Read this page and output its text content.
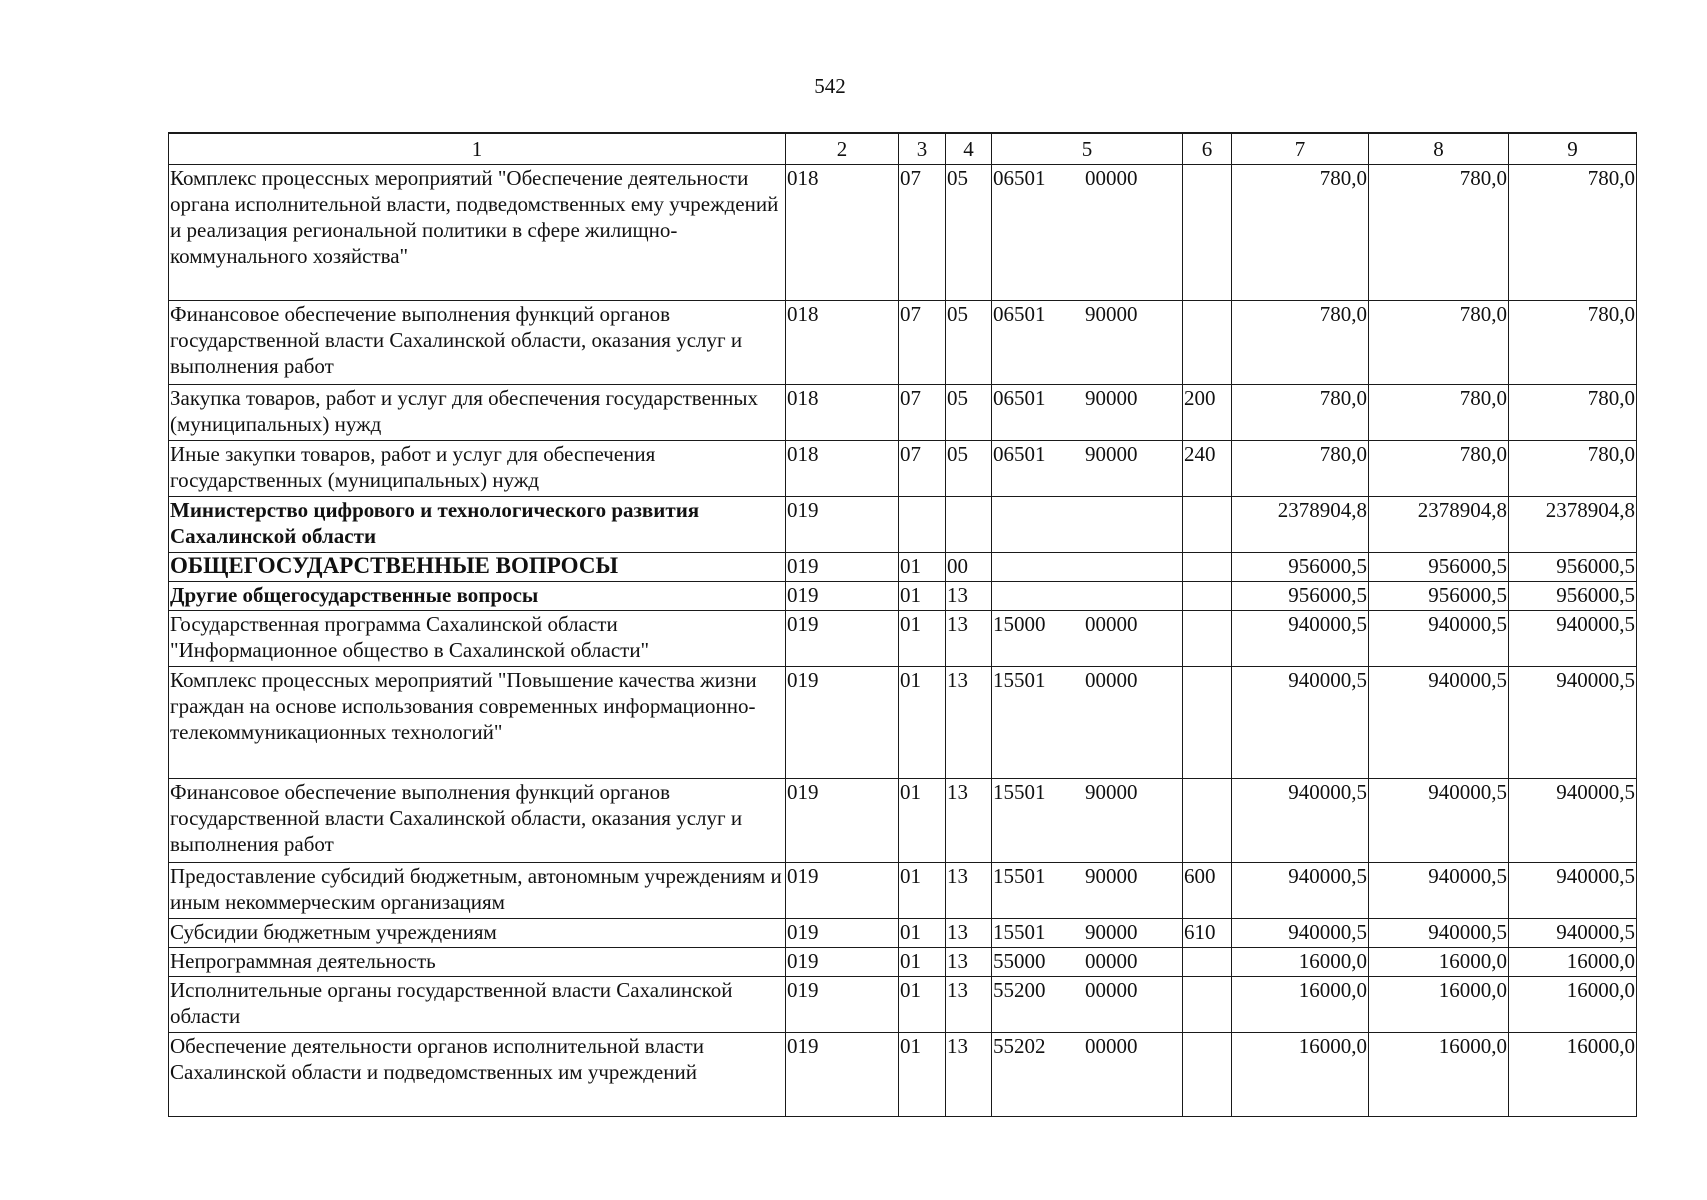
542
1	2	3	4	5	6	7	8	9
Комплекс процессных мероприятий "Обеспечение деятельности органа исполнительной власти, подведомственных ему учреждений и реализация региональной политики в сфере жилищно-коммунального хозяйства"	018	07	05	06501 00000		780,0	780,0	780,0
Финансовое обеспечение выполнения функций органов государственной власти Сахалинской области, оказания услуг и выполнения работ	018	07	05	06501 90000		780,0	780,0	780,0
Закупка товаров, работ и услуг для обеспечения государственных (муниципальных) нужд	018	07	05	06501 90000	200	780,0	780,0	780,0
Иные закупки товаров, работ и услуг для обеспечения государственных (муниципальных) нужд	018	07	05	06501 90000	240	780,0	780,0	780,0
Министерство цифрового и технологического развития Сахалинской области	019					2378904,8	2378904,8	2378904,8
ОБЩЕГОСУДАРСТВЕННЫЕ ВОПРОСЫ	019	01	00			956000,5	956000,5	956000,5
Другие общегосударственные вопросы	019	01	13			956000,5	956000,5	956000,5
Государственная программа Сахалинской области "Информационное общество в Сахалинской области"	019	01	13	15000 00000		940000,5	940000,5	940000,5
Комплекс процессных мероприятий "Повышение качества жизни граждан на основе использования современных информационно-телекоммуникационных технологий"	019	01	13	15501 00000		940000,5	940000,5	940000,5
Финансовое обеспечение выполнения функций органов государственной власти Сахалинской области, оказания услуг и выполнения работ	019	01	13	15501 90000		940000,5	940000,5	940000,5
Предоставление субсидий бюджетным, автономным учреждениям и иным некоммерческим организациям	019	01	13	15501 90000	600	940000,5	940000,5	940000,5
Субсидии бюджетным учреждениям	019	01	13	15501 90000	610	940000,5	940000,5	940000,5
Непрограммная деятельность	019	01	13	55000 00000		16000,0	16000,0	16000,0
Исполнительные органы государственной власти Сахалинской области	019	01	13	55200 00000		16000,0	16000,0	16000,0
Обеспечение деятельности органов исполнительной власти Сахалинской области и подведомственных им учреждений	019	01	13	55202 00000		16000,0	16000,0	16000,0
